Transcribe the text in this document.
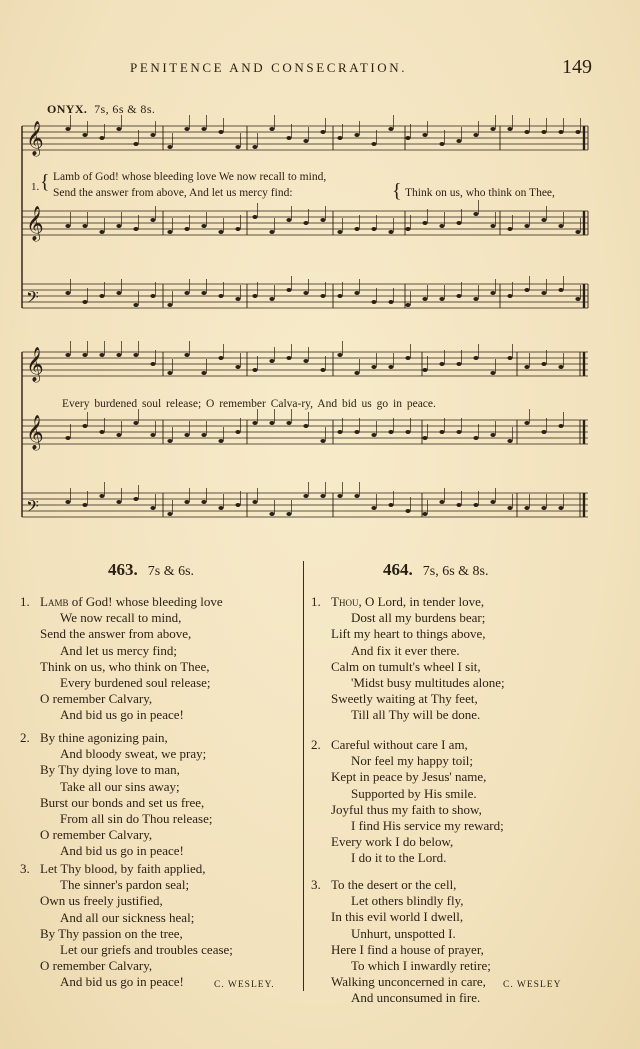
PENITENCE AND CONSECRATION.	149
ONYX. 7s, 6s & 8s.
𝄞
𝄞
𝄢
𝄞
𝄞
𝄢
1. { Lamb of God! whose bleeding love We now recall to mind,
Send the answer from above, And let us mercy find:	{ Think on us, who think on Thee,
Every burdened soul release; O remember Calva-ry, And bid us go in peace.
463. 7s & 6s.	464. 7s, 6s & 8s.
1. Lamb of God! whose bleeding love
We now recall to mind,
Send the answer from above,
And let us mercy find;
Think on us, who think on Thee,
Every burdened soul release;
O remember Calvary,
And bid us go in peace!
2. By thine agonizing pain,
And bloody sweat, we pray;
By Thy dying love to man,
Take all our sins away;
Burst our bonds and set us free,
From all sin do Thou release;
O remember Calvary,
And bid us go in peace!
3. Let Thy blood, by faith applied,
The sinner's pardon seal;
Own us freely justified,
And all our sickness heal;
By Thy passion on the tree,
Let our griefs and troubles cease;
O remember Calvary,
And bid us go in peace!
1. Thou, O Lord, in tender love,
Dost all my burdens bear;
Lift my heart to things above,
And fix it ever there.
Calm on tumult's wheel I sit,
'Midst busy multitudes alone;
Sweetly waiting at Thy feet,
Till all Thy will be done.
2. Careful without care I am,
Nor feel my happy toil;
Kept in peace by Jesus' name,
Supported by His smile.
Joyful thus my faith to show,
I find His service my reward;
Every work I do below,
I do it to the Lord.
3. To the desert or the cell,
Let others blindly fly,
In this evil world I dwell,
Unhurt, unspotted I.
Here I find a house of prayer,
To which I inwardly retire;
Walking unconcerned in care,
And unconsumed in fire.
C. WESLEY.	C. WESLEY
